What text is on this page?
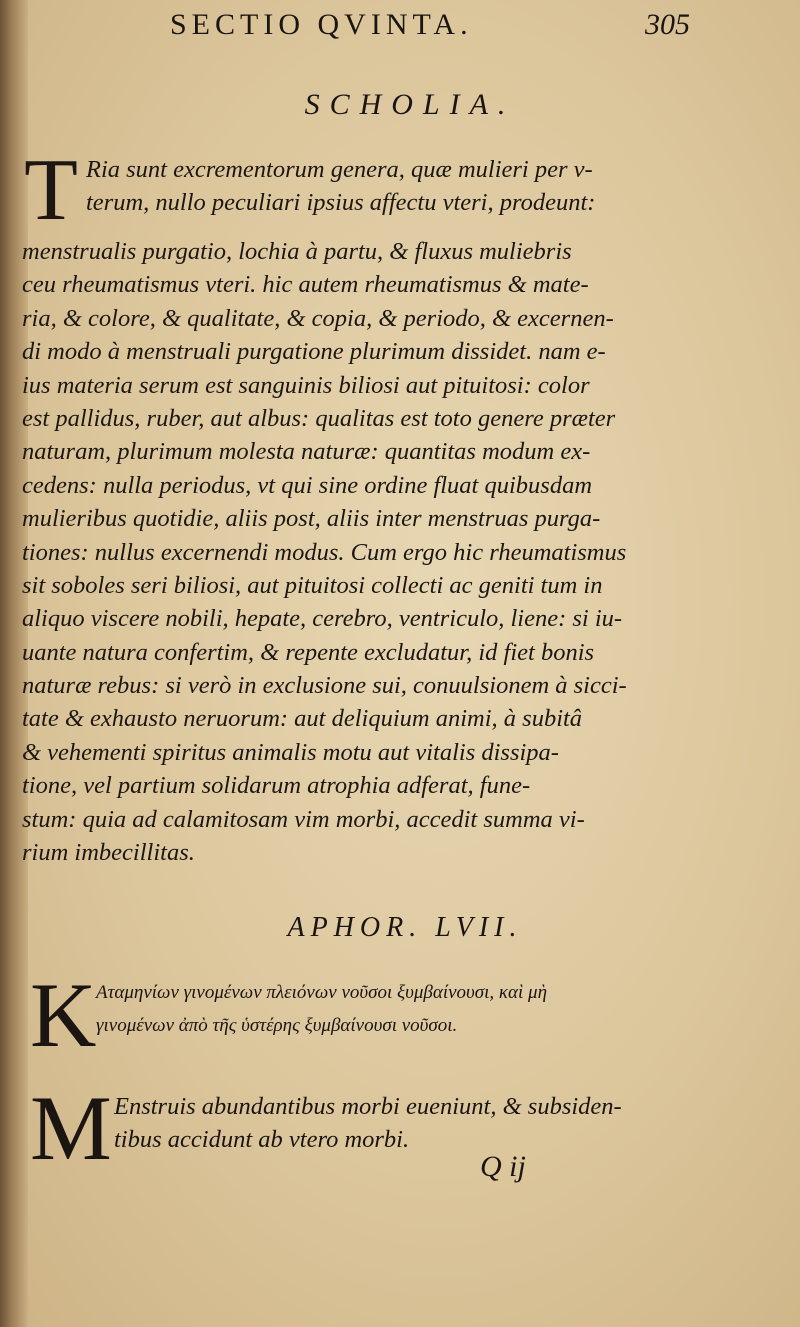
SECTIO QVINTA.	305
SCHOLIA.
T Ria sunt excrementorum genera, quæ mulieri per v-
terum, nullo peculiari ipsius affectu vteri, prodeunt:
menstrualis purgatio, lochia à partu, & fluxus muliebris
ceu rheumatismus vteri. hic autem rheumatismus & mate-
ria, & colore, & qualitate, & copia, & periodo, & excernen-
di modo à menstruali purgatione plurimum dissidet. nam e-
ius materia serum est sanguinis biliosi aut pituitosi: color
est pallidus, ruber, aut albus: qualitas est toto genere præter
naturam, plurimum molesta naturæ: quantitas modum ex-
cedens: nulla periodus, vt qui sine ordine fluat quibusdam
mulieribus quotidie, aliis post, aliis inter menstruas purga-
tiones: nullus excernendi modus. Cum ergo hic rheumatismus
sit soboles seri biliosi, aut pituitosi collecti ac geniti tum in
aliquo viscere nobili, hepate, cerebro, ventriculo, liene: si iu-
uante natura confertim, & repente excludatur, id fiet bonis
naturæ rebus: si verò in exclusione sui, conuulsionem à sicci-
tate & exhausto neruorum: aut deliquium animi, à subitâ
& vehementi spiritus animalis motu aut vitalis dissipa-
tione, vel partium solidarum atrophia adferat, fune-
stum: quia ad calamitosam vim morbi, accedit summa vi-
rium imbecillitas.
APHOR. LVII.
K Αταμηνίων γινομένων πλειόνων νοῦσοι ξυμβαίνουσι, καὶ μὴ
γινομένων ἀπὸ τῆς ὑστέρης ξυμβαίνουσι νοῦσοι.
M Enstruis abundantibus morbi eueniunt, & subsiden-
tibus accidunt ab vtero morbi.
Q ij
